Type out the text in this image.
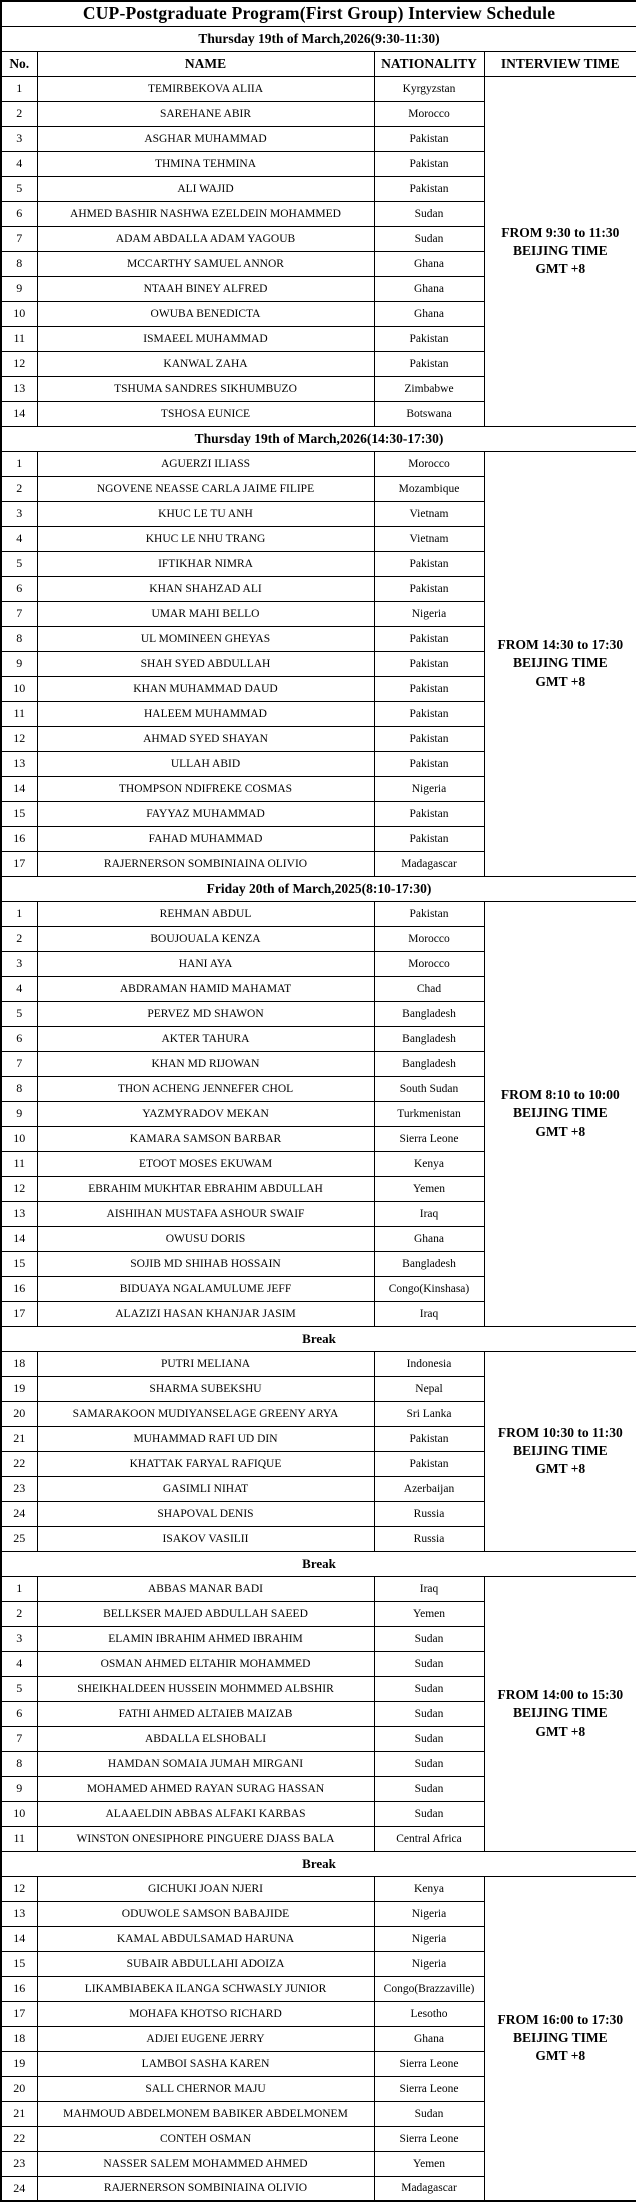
CUP-Postgraduate Program(First Group) Interview Schedule			
Thursday 19th of March,2026(9:30-11:30)			
No.	NAME	NATIONALITY	INTERVIEW TIME
1	TEMIRBEKOVA ALIIA	Kyrgyzstan	FROM 9:30 to 11:30
BEIJING TIME
GMT +8

2	SAREHANE ABIR	Morocco	
3	ASGHAR MUHAMMAD	Pakistan	
4	THMINA TEHMINA	Pakistan	
5	ALI WAJID	Pakistan	
6	AHMED BASHIR NASHWA EZELDEIN MOHAMMED	Sudan	
7	ADAM ABDALLA ADAM YAGOUB	Sudan	
8	MCCARTHY SAMUEL ANNOR	Ghana	
9	NTAAH BINEY ALFRED	Ghana	
10	OWUBA BENEDICTA	Ghana	
11	ISMAEEL MUHAMMAD	Pakistan	
12	KANWAL ZAHA	Pakistan	
13	TSHUMA SANDRES SIKHUMBUZO	Zimbabwe	
14	TSHOSA EUNICE	Botswana	
Thursday 19th of March,2026(14:30-17:30)			
1	AGUERZI ILIASS	Morocco	FROM 14:30 to 17:30
BEIJING TIME
GMT +8

2	NGOVENE NEASSE CARLA JAIME FILIPE	Mozambique	
3	KHUC LE TU ANH	Vietnam	
4	KHUC LE NHU TRANG	Vietnam	
5	IFTIKHAR NIMRA	Pakistan	
6	KHAN SHAHZAD ALI	Pakistan	
7	UMAR MAHI BELLO	Nigeria	
8	UL MOMINEEN GHEYAS	Pakistan	
9	SHAH SYED ABDULLAH	Pakistan	
10	KHAN MUHAMMAD DAUD	Pakistan	
11	HALEEM MUHAMMAD	Pakistan	
12	AHMAD SYED SHAYAN	Pakistan	
13	ULLAH ABID	Pakistan	
14	THOMPSON NDIFREKE COSMAS	Nigeria	
15	FAYYAZ MUHAMMAD	Pakistan	
16	FAHAD MUHAMMAD	Pakistan	
17	RAJERNERSON SOMBINIAINA OLIVIO	Madagascar	
Friday 20th of March,2025(8:10-17:30)			
1	REHMAN ABDUL	Pakistan	FROM 8:10 to 10:00
BEIJING TIME
GMT +8

2	BOUJOUALA KENZA	Morocco	
3	HANI AYA	Morocco	
4	ABDRAMAN HAMID MAHAMAT	Chad	
5	PERVEZ MD SHAWON	Bangladesh	
6	AKTER TAHURA	Bangladesh	
7	KHAN MD RIJOWAN	Bangladesh	
8	THON ACHENG JENNEFER CHOL	South Sudan	
9	YAZMYRADOV MEKAN	Turkmenistan	
10	KAMARA SAMSON BARBAR	Sierra Leone	
11	ETOOT MOSES EKUWAM	Kenya	
12	EBRAHIM MUKHTAR EBRAHIM ABDULLAH	Yemen	
13	AISHIHAN MUSTAFA ASHOUR SWAIF	Iraq	
14	OWUSU DORIS	Ghana	
15	SOJIB MD SHIHAB HOSSAIN	Bangladesh	
16	BIDUAYA NGALAMULUME JEFF	Congo(Kinshasa)	
17	ALAZIZI HASAN KHANJAR JASIM	Iraq	
Break			
18	PUTRI MELIANA	Indonesia	FROM 10:30 to 11:30
BEIJING TIME
GMT +8

19	SHARMA SUBEKSHU	Nepal	
20	SAMARAKOON MUDIYANSELAGE GREENY ARYA	Sri Lanka	
21	MUHAMMAD RAFI UD DIN	Pakistan	
22	KHATTAK FARYAL RAFIQUE	Pakistan	
23	GASIMLI NIHAT	Azerbaijan	
24	SHAPOVAL DENIS	Russia	
25	ISAKOV VASILII	Russia	
Break			
1	ABBAS MANAR BADI	Iraq	FROM 14:00 to 15:30
BEIJING TIME
GMT +8

2	BELLKSER MAJED ABDULLAH SAEED	Yemen	
3	ELAMIN IBRAHIM AHMED IBRAHIM	Sudan	
4	OSMAN AHMED ELTAHIR MOHAMMED	Sudan	
5	SHEIKHALDEEN HUSSEIN MOHMMED ALBSHIR	Sudan	
6	FATHI AHMED ALTAIEB MAIZAB	Sudan	
7	ABDALLA ELSHOBALI	Sudan	
8	HAMDAN SOMAIA JUMAH MIRGANI	Sudan	
9	MOHAMED AHMED RAYAN SURAG HASSAN	Sudan	
10	ALAAELDIN ABBAS ALFAKI KARBAS	Sudan	
11	WINSTON ONESIPHORE PINGUERE DJASS BALA	Central Africa	
Break			
12	GICHUKI JOAN NJERI	Kenya	FROM 16:00 to 17:30
BEIJING TIME
GMT +8

13	ODUWOLE SAMSON BABAJIDE	Nigeria	
14	KAMAL ABDULSAMAD HARUNA	Nigeria	
15	SUBAIR ABDULLAHI ADOIZA	Nigeria	
16	LIKAMBIABEKA ILANGA SCHWASLY JUNIOR	Congo(Brazzaville)	
17	MOHAFA KHOTSO RICHARD	Lesotho	
18	ADJEI EUGENE JERRY	Ghana	
19	LAMBOI SASHA KAREN	Sierra Leone	
20	SALL CHERNOR MAJU	Sierra Leone	
21	MAHMOUD ABDELMONEM BABIKER ABDELMONEM	Sudan	
22	CONTEH OSMAN	Sierra Leone	
23	NASSER SALEM MOHAMMED AHMED	Yemen	
24	RAJERNERSON SOMBINIAINA OLIVIO	Madagascar	
